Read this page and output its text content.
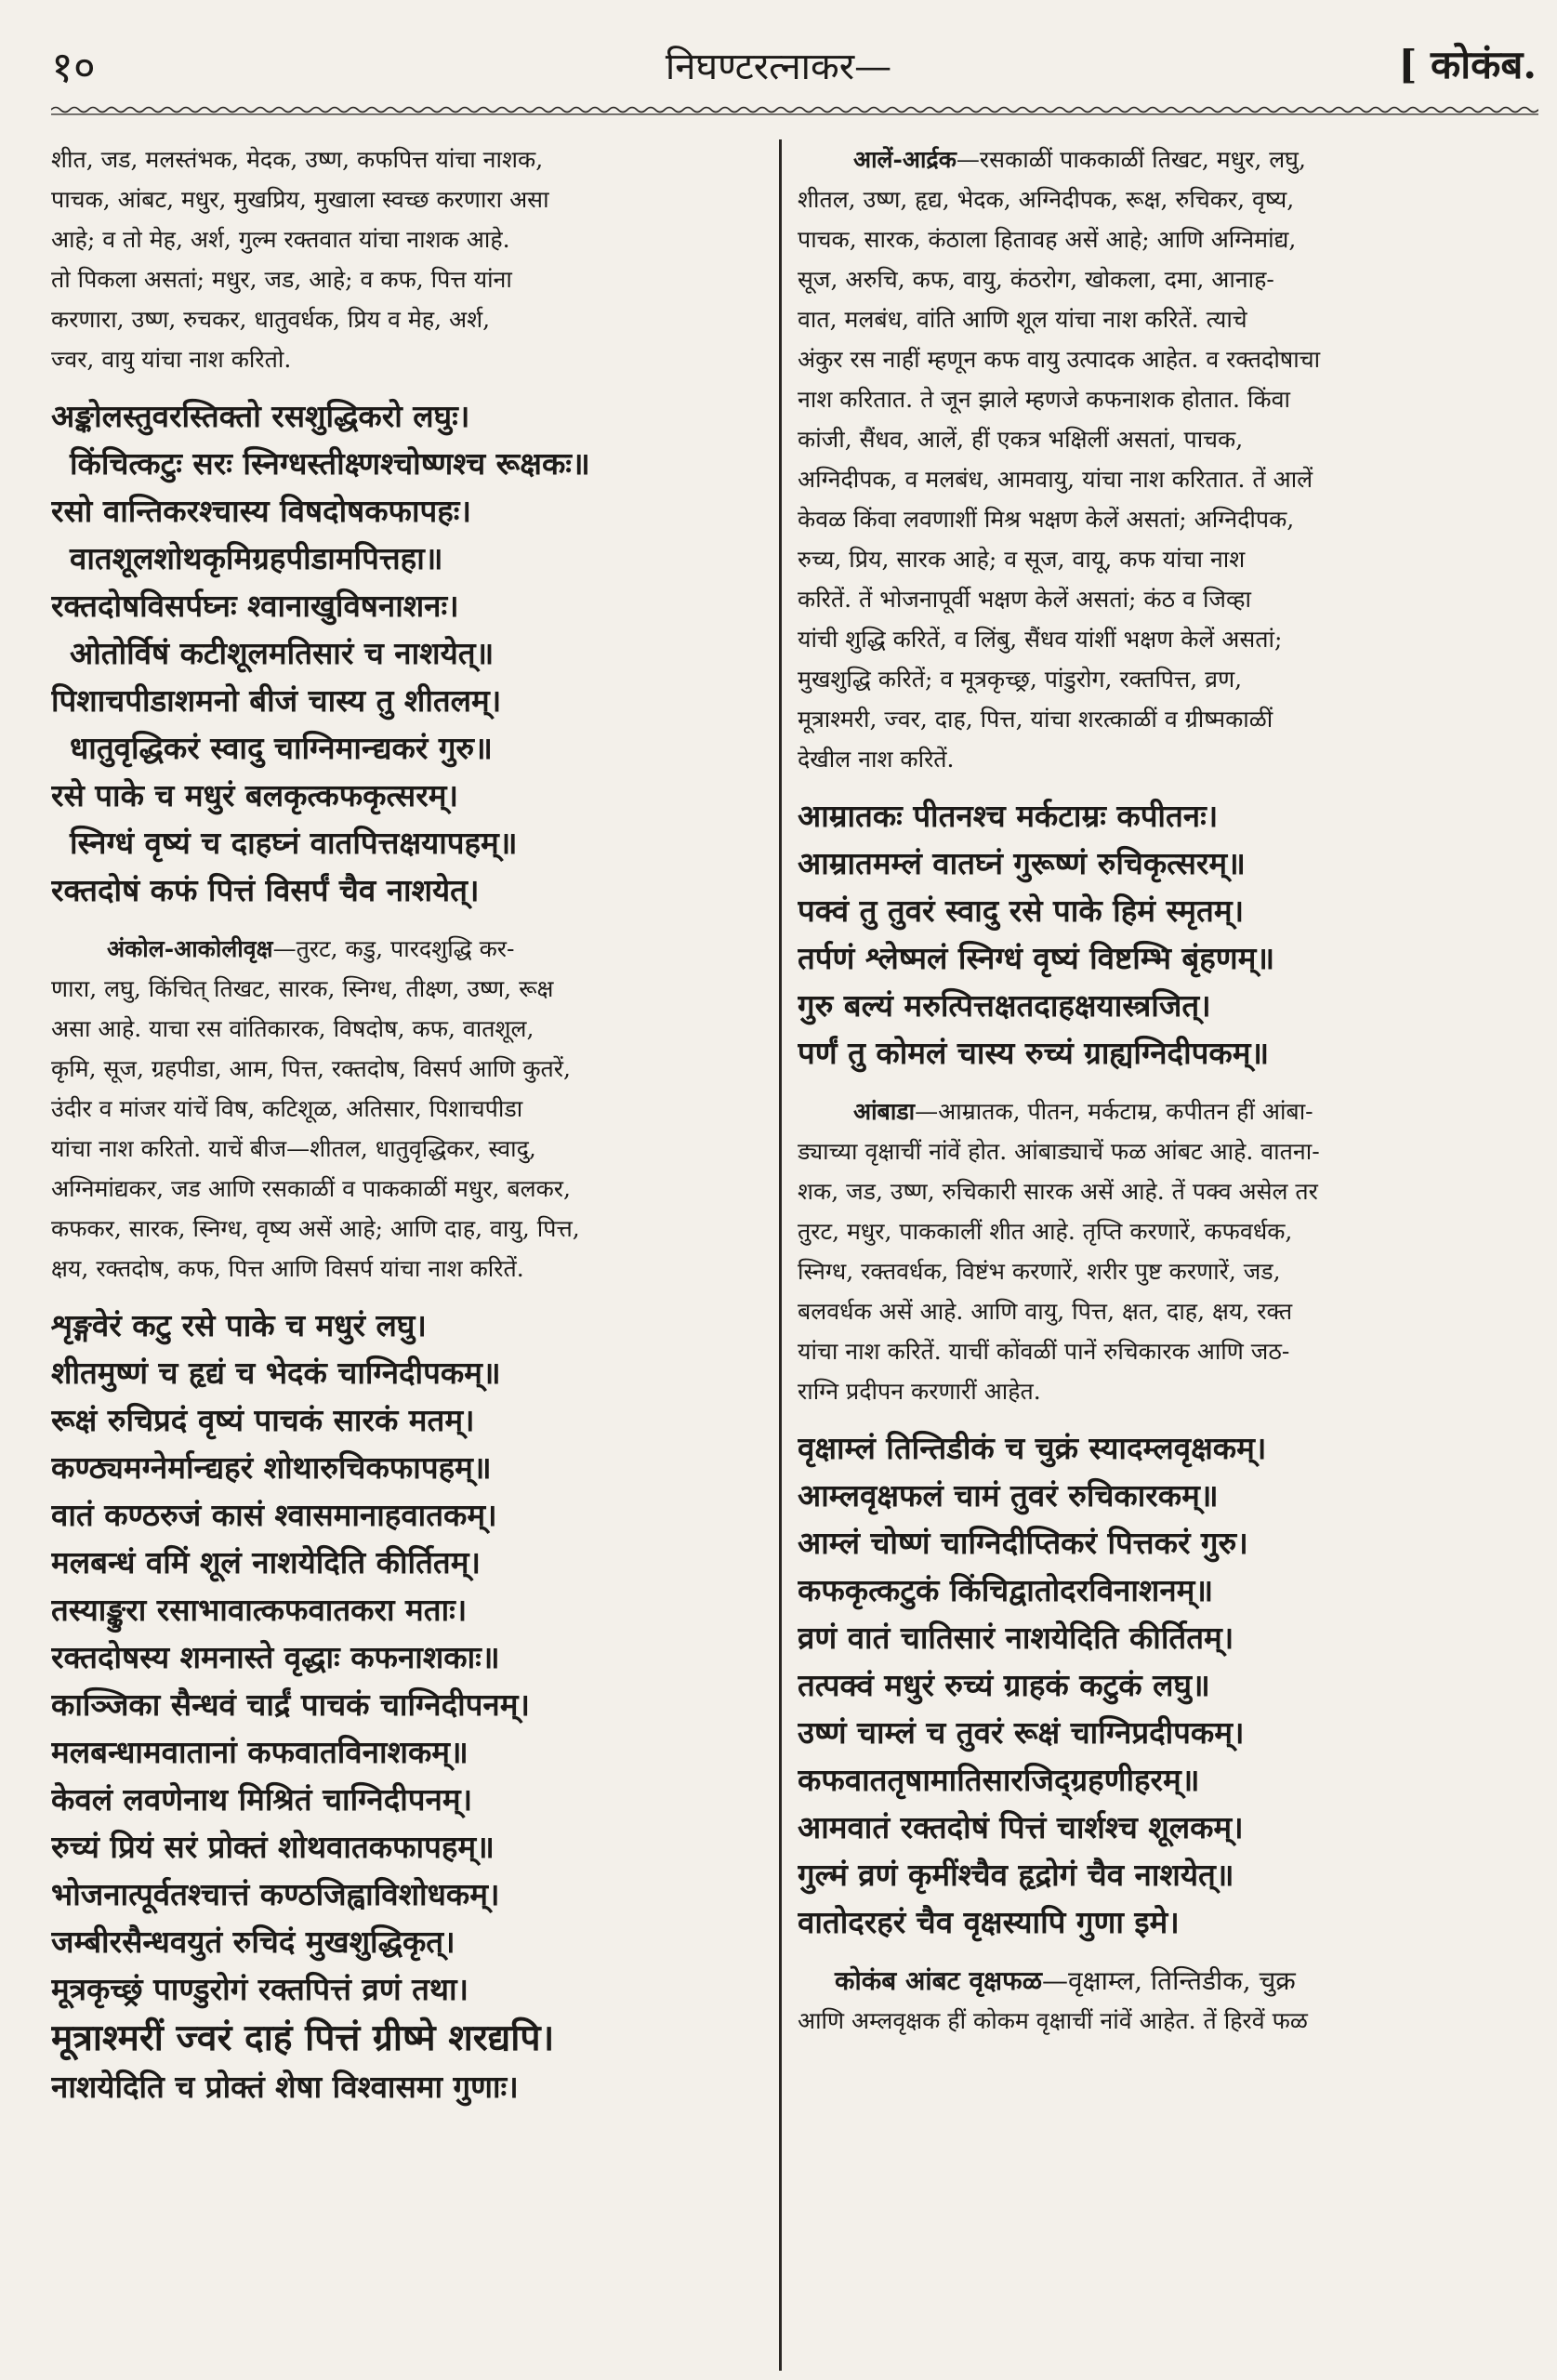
१०	निघण्टरत्नाकर—	[ कोकंब.

शीत, जड, मलस्तंभक, मेदक, उष्ण, कफपित्त यांचा नाशक,

पाचक, आंबट, मधुर, मुखप्रिय, मुखाला स्वच्छ करणारा असा

आहे; व तो मेह, अर्श, गुल्म रक्तवात यांचा नाशक आहे.

तो पिकला असतां; मधुर, जड, आहे; व कफ, पित्त यांना

करणारा, उष्ण, रुचकर, धातुवर्धक, प्रिय व मेह, अर्श,

ज्वर, वायु यांचा नाश करितो.

अङ्कोलस्तुवरस्तिक्तो रसशुद्धिकरो लघुः।

किंचित्कटुः सरः स्निग्धस्तीक्ष्णश्चोष्णश्च रूक्षकः॥

रसो वान्तिकरश्चास्य विषदोषकफापहः।

वातशूलशोथकृमिग्रहपीडामपित्तहा॥

रक्तदोषविसर्पघ्नः श्वानाखुविषनाशनः।

ओतोर्विषं कटीशूलमतिसारं च नाशयेत्॥

पिशाचपीडाशमनो बीजं चास्य तु शीतलम्।

धातुवृद्धिकरं स्वादु चाग्निमान्द्यकरं गुरु॥

रसे पाके च मधुरं बलकृत्कफकृत्सरम्।

स्निग्धं वृष्यं च दाहघ्नं वातपित्तक्षयापहम्॥

रक्तदोषं कफं पित्तं विसर्पं चैव नाशयेत्।

अंकोल-आकोलीवृक्ष—तुरट, कडु, पारदशुद्धि कर-

णारा, लघु, किंचित् तिखट, सारक, स्निग्ध, तीक्ष्ण, उष्ण, रूक्ष

असा आहे. याचा रस वांतिकारक, विषदोष, कफ, वातशूल,

कृमि, सूज, ग्रहपीडा, आम, पित्त, रक्तदोष, विसर्प आणि कुतरें,

उंदीर व मांजर यांचें विष, कटिशूळ, अतिसार, पिशाचपीडा

यांचा नाश करितो. याचें बीज—शीतल, धातुवृद्धिकर, स्वादु,

अग्निमांद्यकर, जड आणि रसकाळीं व पाककाळीं मधुर, बलकर,

कफकर, सारक, स्निग्ध, वृष्य असें आहे; आणि दाह, वायु, पित्त,

क्षय, रक्तदोष, कफ, पित्त आणि विसर्प यांचा नाश करितें.

शृङ्गवेरं कटु रसे पाके च मधुरं लघु।

शीतमुष्णं च हृद्यं च भेदकं चाग्निदीपकम्॥

रूक्षं रुचिप्रदं वृष्यं पाचकं सारकं मतम्।

कण्ठ्यमग्नेर्मान्द्यहरं शोथारुचिकफापहम्॥

वातं कण्ठरुजं कासं श्वासमानाहवातकम्।

मलबन्धं वमिं शूलं नाशयेदिति कीर्तितम्।

तस्याङ्कुरा रसाभावात्कफवातकरा मताः।

रक्तदोषस्य शमनास्ते वृद्धाः कफनाशकाः॥

काञ्जिका सैन्धवं चार्द्रं पाचकं चाग्निदीपनम्।

मलबन्धामवातानां कफवातविनाशकम्॥

केवलं लवणेनाथ मिश्रितं चाग्निदीपनम्।

रुच्यं प्रियं सरं प्रोक्तं शोथवातकफापहम्॥

भोजनात्पूर्वतश्चात्तं कण्ठजिह्वाविशोधकम्।

जम्बीरसैन्धवयुतं रुचिदं मुखशुद्धिकृत्।

मूत्रकृच्छ्रं पाण्डुरोगं रक्तपित्तं व्रणं तथा।

मूत्राश्मरीं ज्वरं दाहं पित्तं ग्रीष्मे शरद्यपि।

नाशयेदिति च प्रोक्तं शेषा विश्वासमा गुणाः।

आलें-आर्द्रक—रसकाळीं पाककाळीं तिखट, मधुर, लघु,

शीतल, उष्ण, हृद्य, भेदक, अग्निदीपक, रूक्ष, रुचिकर, वृष्य,

पाचक, सारक, कंठाला हितावह असें आहे; आणि अग्निमांद्य,

सूज, अरुचि, कफ, वायु, कंठरोग, खोकला, दमा, आनाह-

वात, मलबंध, वांति आणि शूल यांचा नाश करितें. त्याचे

अंकुर रस नाहीं म्हणून कफ वायु उत्पादक आहेत. व रक्तदोषाचा

नाश करितात. ते जून झाले म्हणजे कफनाशक होतात. किंवा

कांजी, सैंधव, आलें, हीं एकत्र भक्षिलीं असतां, पाचक,

अग्निदीपक, व मलबंध, आमवायु, यांचा नाश करितात. तें आलें

केवळ किंवा लवणाशीं मिश्र भक्षण केलें असतां; अग्निदीपक,

रुच्य, प्रिय, सारक आहे; व सूज, वायू, कफ यांचा नाश

करितें. तें भोजनापूर्वी भक्षण केलें असतां; कंठ व जिव्हा

यांची शुद्धि करितें, व लिंबु, सैंधव यांशीं भक्षण केलें असतां;

मुखशुद्धि करितें; व मूत्रकृच्छ्र, पांडुरोग, रक्तपित्त, व्रण,

मूत्राश्मरी, ज्वर, दाह, पित्त, यांचा शरत्काळीं व ग्रीष्मकाळीं

देखील नाश करितें.

आम्रातकः पीतनश्च मर्कटाम्रः कपीतनः।

आम्रातमम्लं वातघ्नं गुरूष्णं रुचिकृत्सरम्॥

पक्वं तु तुवरं स्वादु रसे पाके हिमं स्मृतम्।

तर्पणं श्लेष्मलं स्निग्धं वृष्यं विष्टम्भि बृंहणम्॥

गुरु बल्यं मरुत्पित्तक्षतदाहक्षयास्त्रजित्।

पर्णं तु कोमलं चास्य रुच्यं ग्राह्यग्निदीपकम्॥

आंबाडा—आम्रातक, पीतन, मर्कटाम्र, कपीतन हीं आंबा-

ड्याच्या वृक्षाचीं नांवें होत. आंबाड्याचें फळ आंबट आहे. वातना-

शक, जड, उष्ण, रुचिकारी सारक असें आहे. तें पक्व असेल तर

तुरट, मधुर, पाककालीं शीत आहे. तृप्ति करणारें, कफवर्धक,

स्निग्ध, रक्तवर्धक, विष्टंभ करणारें, शरीर पुष्ट करणारें, जड,

बलवर्धक असें आहे. आणि वायु, पित्त, क्षत, दाह, क्षय, रक्त

यांचा नाश करितें. याचीं कोंवळीं पानें रुचिकारक आणि जठ-

राग्नि प्रदीपन करणारीं आहेत.

वृक्षाम्लं तिन्तिडीकं च चुक्रं स्यादम्लवृक्षकम्।

आम्लवृक्षफलं चामं तुवरं रुचिकारकम्॥

आम्लं चोष्णं चाग्निदीप्तिकरं पित्तकरं गुरु।

कफकृत्कटुकं किंचिद्वातोदरविनाशनम्॥

व्रणं वातं चातिसारं नाशयेदिति कीर्तितम्।

तत्पक्वं मधुरं रुच्यं ग्राहकं कटुकं लघु॥

उष्णं चाम्लं च तुवरं रूक्षं चाग्निप्रदीपकम्।

कफवाततृषामातिसारजिद्ग्रहणीहरम्॥

आमवातं रक्तदोषं पित्तं चार्शश्च शूलकम्।

गुल्मं व्रणं कृमींश्चैव हृद्रोगं चैव नाशयेत्॥

वातोदरहरं चैव वृक्षस्यापि गुणा इमे।

कोकंब आंबट वृक्षफळ—वृक्षाम्ल, तिन्तिडीक, चुक्र

आणि अम्लवृक्षक हीं कोकम वृक्षाचीं नांवें आहेत. तें हिरवें फळ
